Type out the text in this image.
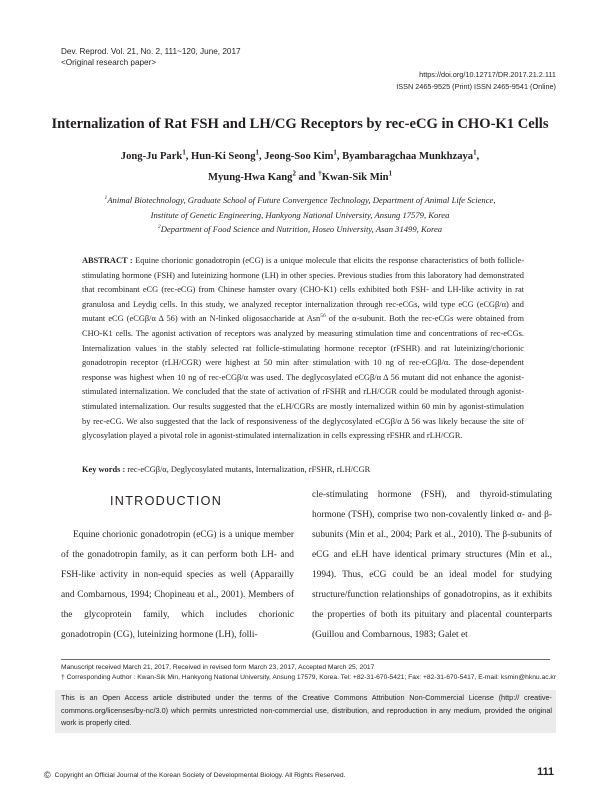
Dev. Reprod. Vol. 21, No. 2, 111~120, June, 2017
<Original research paper>
https://doi.org/10.12717/DR.2017.21.2.111
ISSN 2465-9525 (Print) ISSN 2465-9541 (Online)
Internalization of Rat FSH and LH/CG Receptors by rec-eCG in CHO-K1 Cells
Jong-Ju Park$^1$, Hun-Ki Seong$^1$, Jeong-Soo Kim$^1$, Byambaragchaa Munkhzaya$^1$,
Myung-Hwa Kang$^2$ and †Kwan-Sik Min$^1$
$^1$Animal Biotechnology, Graduate School of Future Convergence Technology, Department of Animal Life Science,
Institute of Genetic Engineering, Hankyong National University, Ansung 17579, Korea
$^2$Department of Food Science and Nutrition, Hoseo University, Asan 31499, Korea
ABSTRACT : Equine chorionic gonadotropin (eCG) is a unique molecule that elicits the response characteristics of both follicle-stimulating hormone (FSH) and luteinizing hormone (LH) in other species. Previous studies from this laboratory had demonstrated that recombinant eCG (rec-eCG) from Chinese hamster ovary (CHO-K1) cells exhibited both FSH- and LH-like activity in rat granulosa and Leydig cells. In this study, we analyzed receptor internalization through rec-eCGs, wild type eCG (eCGβ/α) and mutant eCG (eCGβ/α Δ 56) with an N-linked oligosaccharide at Asn$^{56}$ of the α-subunit. Both the rec-eCGs were obtained from CHO-K1 cells. The agonist activation of receptors was analyzed by measuring stimulation time and concentrations of rec-eCGs. Internalization values in the stably selected rat follicle-stimulating hormone receptor (rFSHR) and rat luteinizing/chorionic gonadotropin receptor (rLH/CGR) were highest at 50 min after stimulation with 10 ng of rec-eCGβ/α. The dose-dependent response was highest when 10 ng of rec-eCGβ/α was used. The deglycosylated eCGβ/α Δ 56 mutant did not enhance the agonist-stimulated internalization. We concluded that the state of activation of rFSHR and rLH/CGR could be modulated through agonist-stimulated internalization. Our results suggested that the eLH/CGRs are mostly internalized within 60 min by agonist-stimulation by rec-eCG. We also suggested that the lack of responsiveness of the deglycosylated eCGβ/α Δ 56 was likely because the site of glycosylation played a pivotal role in agonist-stimulated internalization in cells expressing rFSHR and rLH/CGR.
Key words : rec-eCGβ/α, Deglycosylated mutants, Internalization, rFSHR, rLH/CGR
INTRODUCTION
Equine chorionic gonadotropin (eCG) is a unique member of the gonadotropin family, as it can perform both LH- and FSH-like activity in non-equid species as well (Apparailly and Combarnous, 1994; Chopineau et al., 2001). Members of the glycoprotein family, which includes chorionic gonadotropin (CG), luteinizing hormone (LH), folli-
cle-stimulating hormone (FSH), and thyroid-stimulating hormone (TSH), comprise two non-covalently linked α- and β-subunits (Min et al., 2004; Park et al., 2010). The β-subunits of eCG and eLH have identical primary structures (Min et al., 1994). Thus, eCG could be an ideal model for studying structure/function relationships of gonadotropins, as it exhibits the properties of both its pituitary and placental counterparts (Guillou and Combarnous, 1983; Galet et
Manuscript received March 21, 2017, Received in revised form March 23, 2017, Accepted March 25, 2017
† Corresponding Author : Kwan-Sik Min, Hankyong National University, Ansung 17579, Korea. Tel: +82-31-670-5421; Fax: +82-31-670-5417, E-mail: ksmin@hknu.ac.kr
This is an Open Access article distributed under the terms of the Creative Commons Attribution Non-Commercial License (http:// creative-commons.org/licenses/by-nc/3.0) which permits unrestricted non-commercial use, distribution, and reproduction in any medium, provided the original work is properly cited.
© Copyright an Official Journal of the Korean Society of Developmental Biology. All Rights Reserved.	111
